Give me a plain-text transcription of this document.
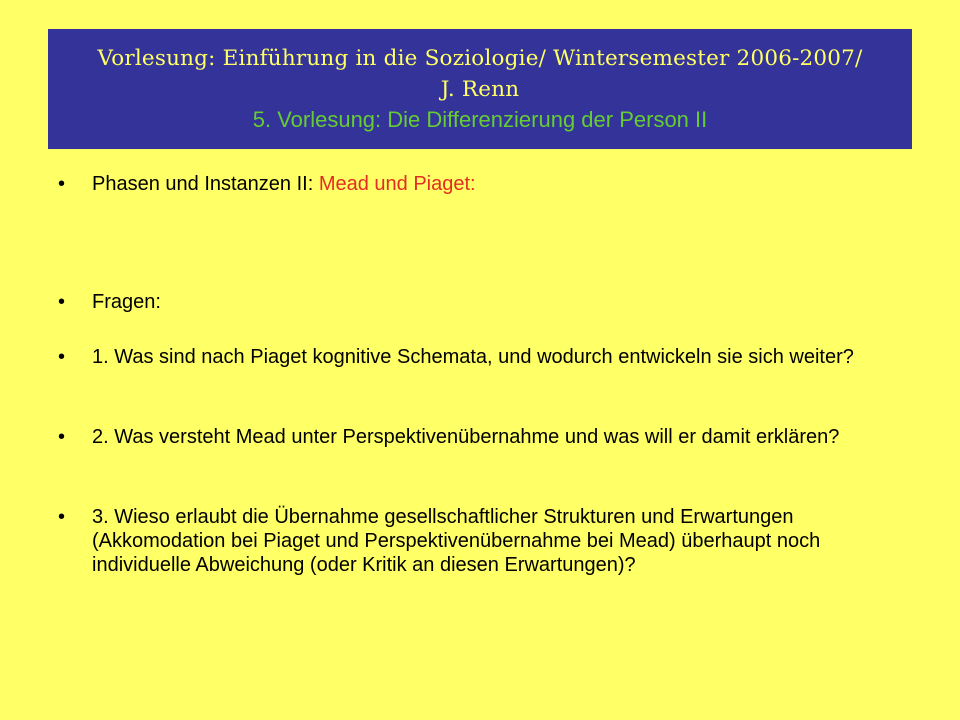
Vorlesung: Einführung in die Soziologie/ Wintersemester 2006-2007/ J. Renn
5. Vorlesung: Die Differenzierung der Person II
•	Phasen und Instanzen II: Mead und Piaget:
•	Fragen:
•	1. Was sind nach Piaget kognitive Schemata, und wodurch entwickeln sie sich weiter?
•	2. Was versteht Mead unter Perspektivenübernahme und was will er damit erklären?
•	3. Wieso erlaubt die Übernahme gesellschaftlicher Strukturen und Erwartungen (Akkomodation bei Piaget und Perspektivenübernahme bei Mead) überhaupt noch individuelle Abweichung (oder Kritik an diesen Erwartungen)?
